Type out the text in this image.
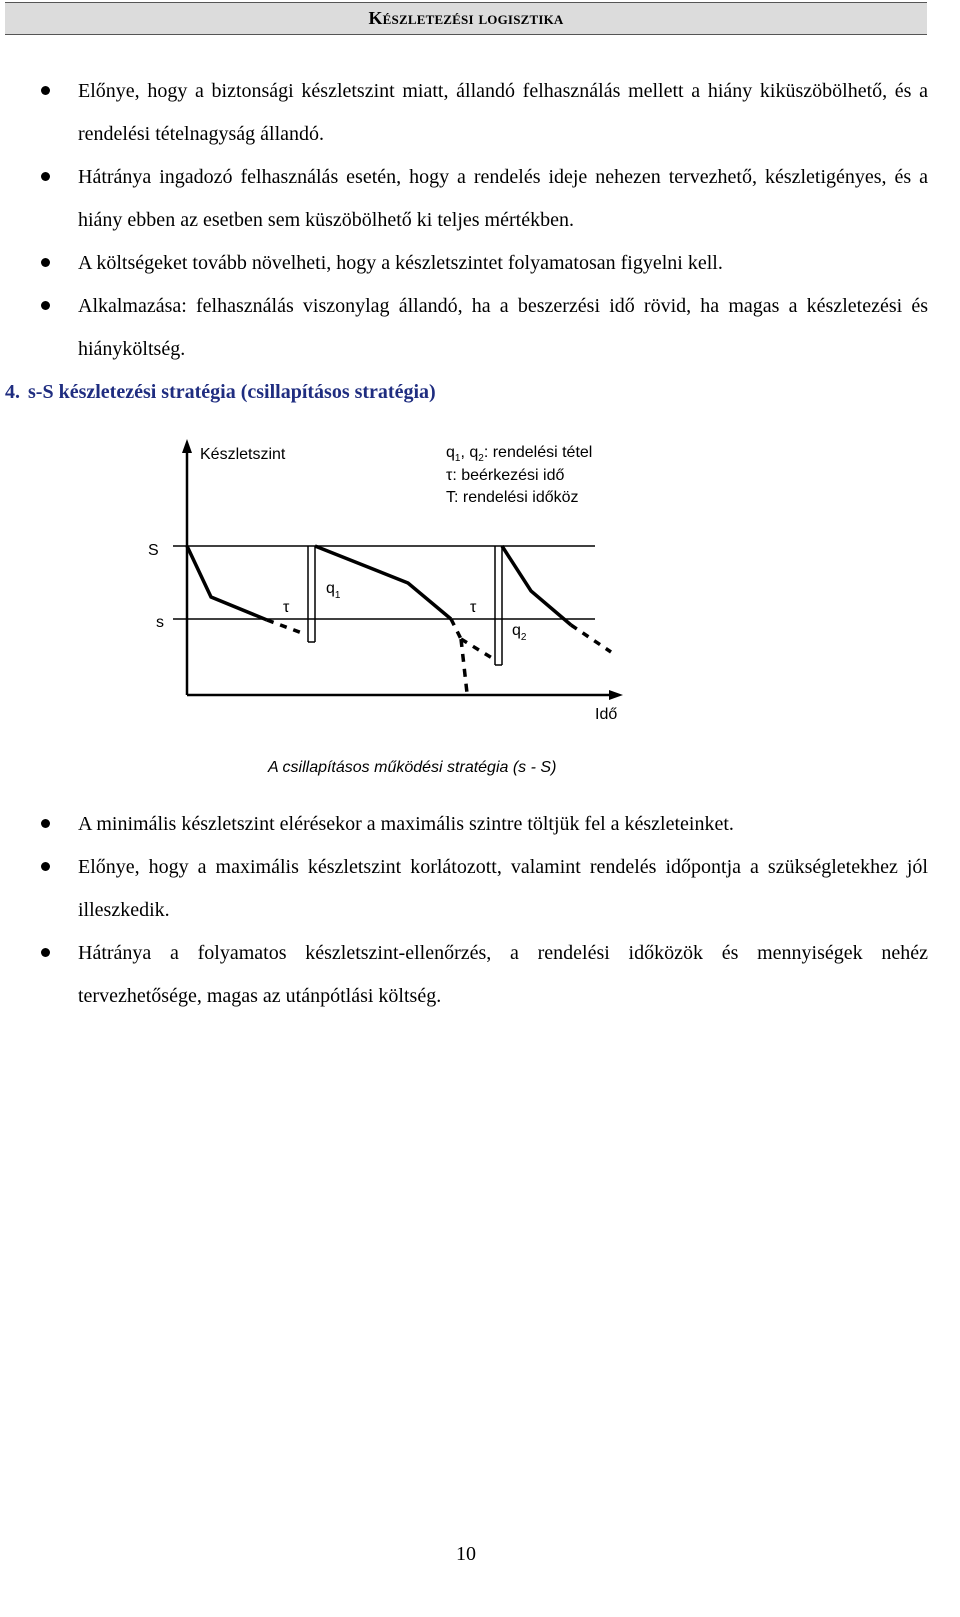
Készletezési logisztika
Előnye, hogy a biztonsági készletszint miatt, állandó felhasználás mellett a hiány kiküszöbölhető, és a rendelési tételnagyság állandó.
Hátránya ingadozó felhasználás esetén, hogy a rendelés ideje nehezen tervezhető, készletigényes, és a hiány ebben az esetben sem küszöbölhető ki teljes mértékben.
A költségeket tovább növelheti, hogy a készletszintet folyamatosan figyelni kell.
Alkalmazása: felhasználás viszonylag állandó, ha a beszerzési idő rövid, ha magas a készletezési és hiányköltség.
4. s-S készletezési stratégia (csillapításos stratégia)
Készletszint
Idő
$q_1$, $q_2$: rendelési tétel
τ: beérkezési idő
T: rendelési időköz
S
s
τ
$q_1$
τ
$q_2$
A csillapításos működési stratégia (s - S)
A minimális készletszint elérésekor a maximális szintre töltjük fel a készleteinket.
Előnye, hogy a maximális készletszint korlátozott, valamint rendelés időpontja a szükségletekhez jól illeszkedik.
Hátránya a folyamatos készletszint-ellenőrzés, a rendelési időközök és mennyiségek nehéz tervezhetősége, magas az utánpótlási költség.
10
